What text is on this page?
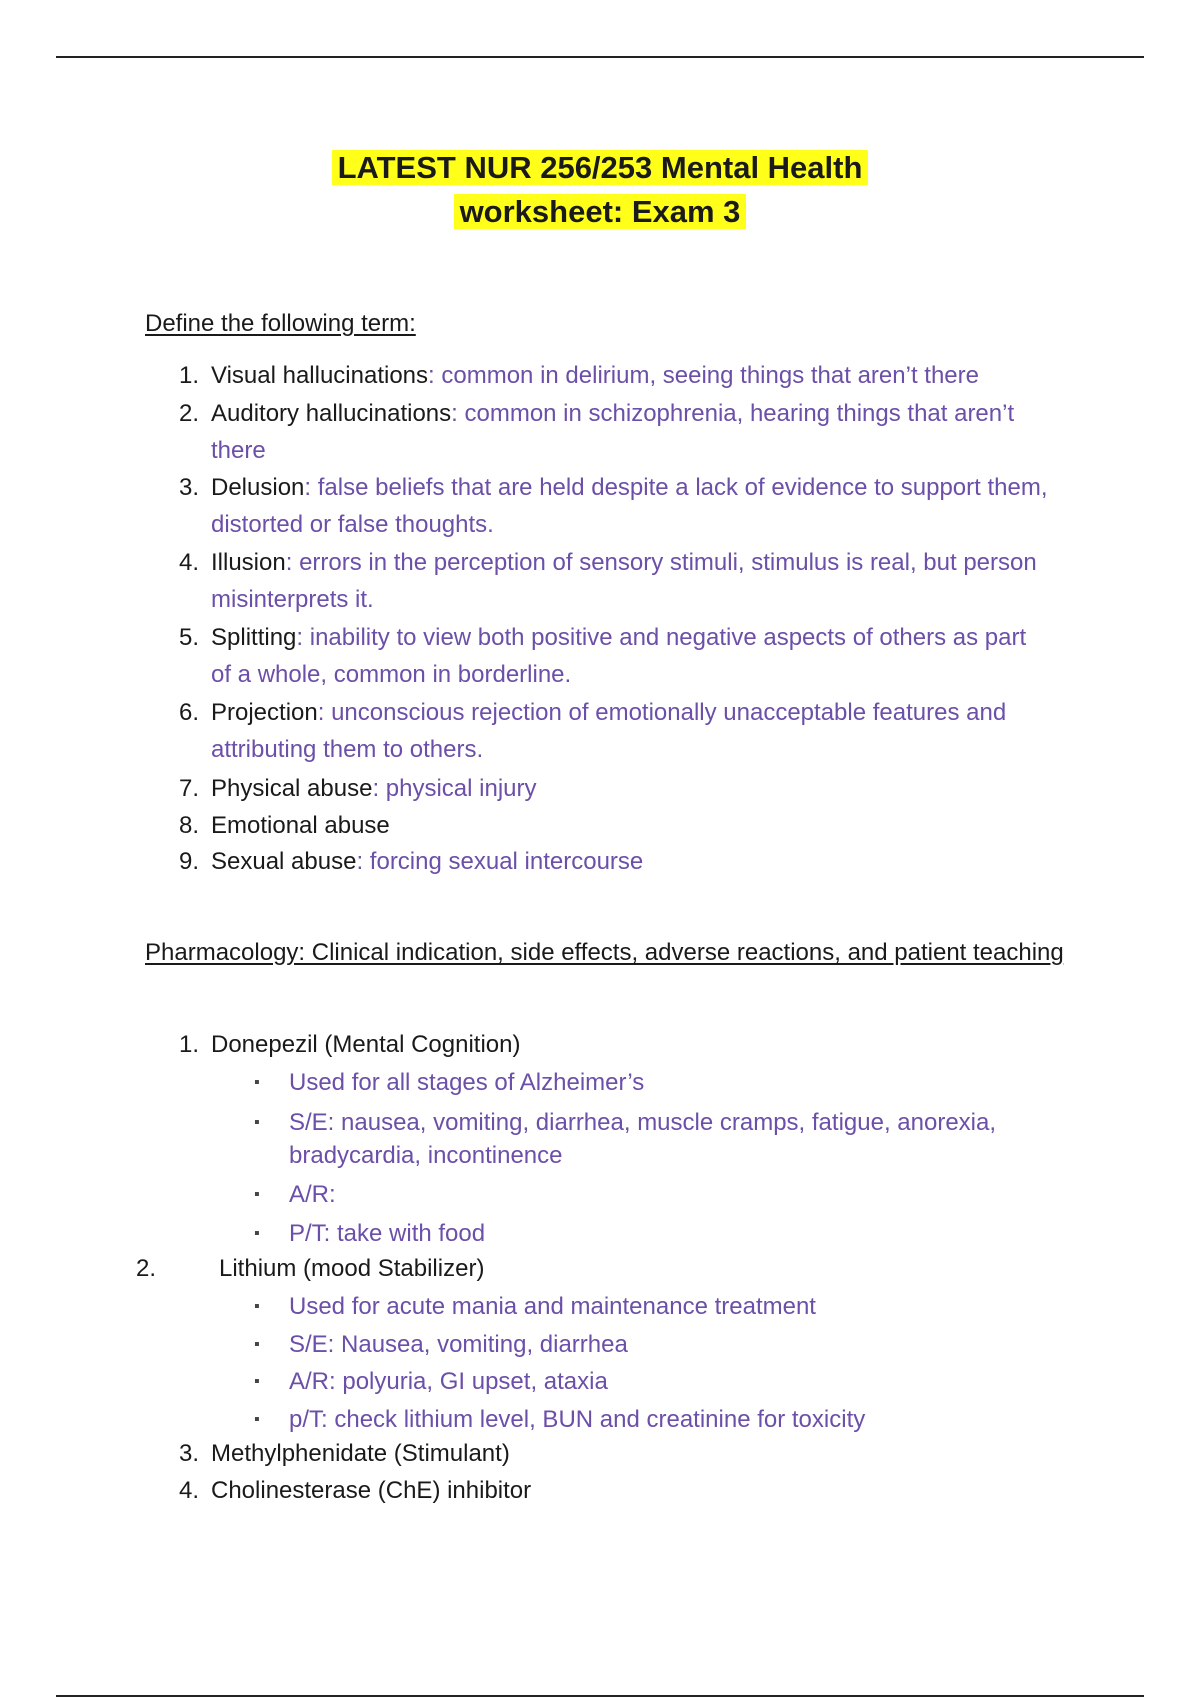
LATEST NUR 256/253 Mental Health
worksheet: Exam 3
Define the following term:
1. Visual hallucinations: common in delirium, seeing things that aren’t there
2. Auditory hallucinations: common in schizophrenia, hearing things that aren’t there
3. Delusion: false beliefs that are held despite a lack of evidence to support them, distorted or false thoughts.
4. Illusion: errors in the perception of sensory stimuli, stimulus is real, but person misinterprets it.
5. Splitting: inability to view both positive and negative aspects of others as part of a whole, common in borderline.
6. Projection: unconscious rejection of emotionally unacceptable features and attributing them to others.
7. Physical abuse: physical injury
8. Emotional abuse
9. Sexual abuse: forcing sexual intercourse
Pharmacology: Clinical indication, side effects, adverse reactions, and patient teaching
1. Donepezil (Mental Cognition)
▪ Used for all stages of Alzheimer’s
▪ S/E: nausea, vomiting, diarrhea, muscle cramps, fatigue, anorexia, bradycardia, incontinence
▪ A/R:
▪ P/T: take with food
2.	Lithium (mood Stabilizer)
▪ Used for acute mania and maintenance treatment
▪ S/E: Nausea, vomiting, diarrhea
▪ A/R: polyuria, GI upset, ataxia
▪ p/T: check lithium level, BUN and creatinine for toxicity
3. Methylphenidate (Stimulant)
4. Cholinesterase (ChE) inhibitor
